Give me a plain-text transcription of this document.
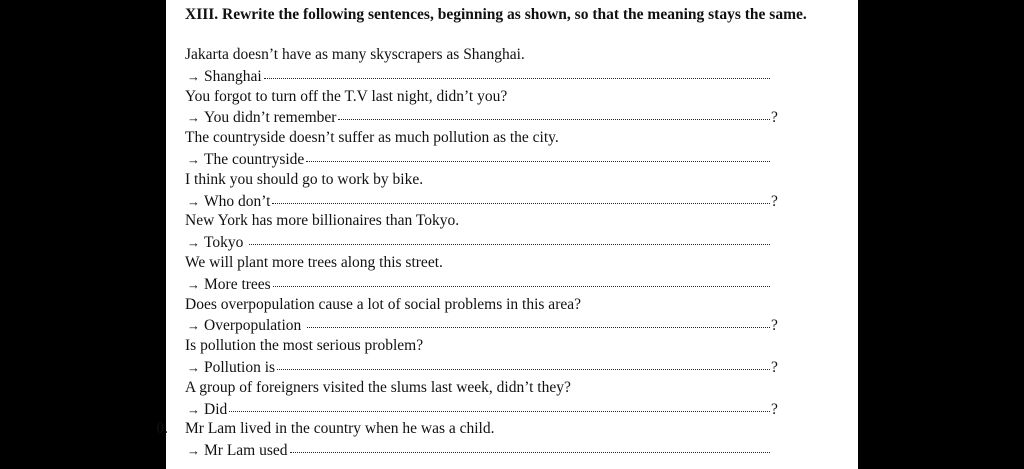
XIII. Rewrite the following sentences, beginning as shown, so that the meaning stays the same.
Jakarta doesn’t have as many skyscrapers as Shanghai.
→ Shanghai
You forgot to turn off the T.V last night, didn’t you?
→ You didn’t remember	?
The countryside doesn’t suffer as much pollution as the city.
→ The countryside
I think you should go to work by bike.
→ Who don’t	?
New York has more billionaires than Tokyo.
→ Tokyo
We will plant more trees along this street.
→ More trees
Does overpopulation cause a lot of social problems in this area?
→ Overpopulation	?
Is pollution the most serious problem?
→ Pollution is	?
A group of foreigners visited the slums last week, didn’t they?
→ Did	?
0. Mr Lam lived in the country when he was a child.
→ Mr Lam used
